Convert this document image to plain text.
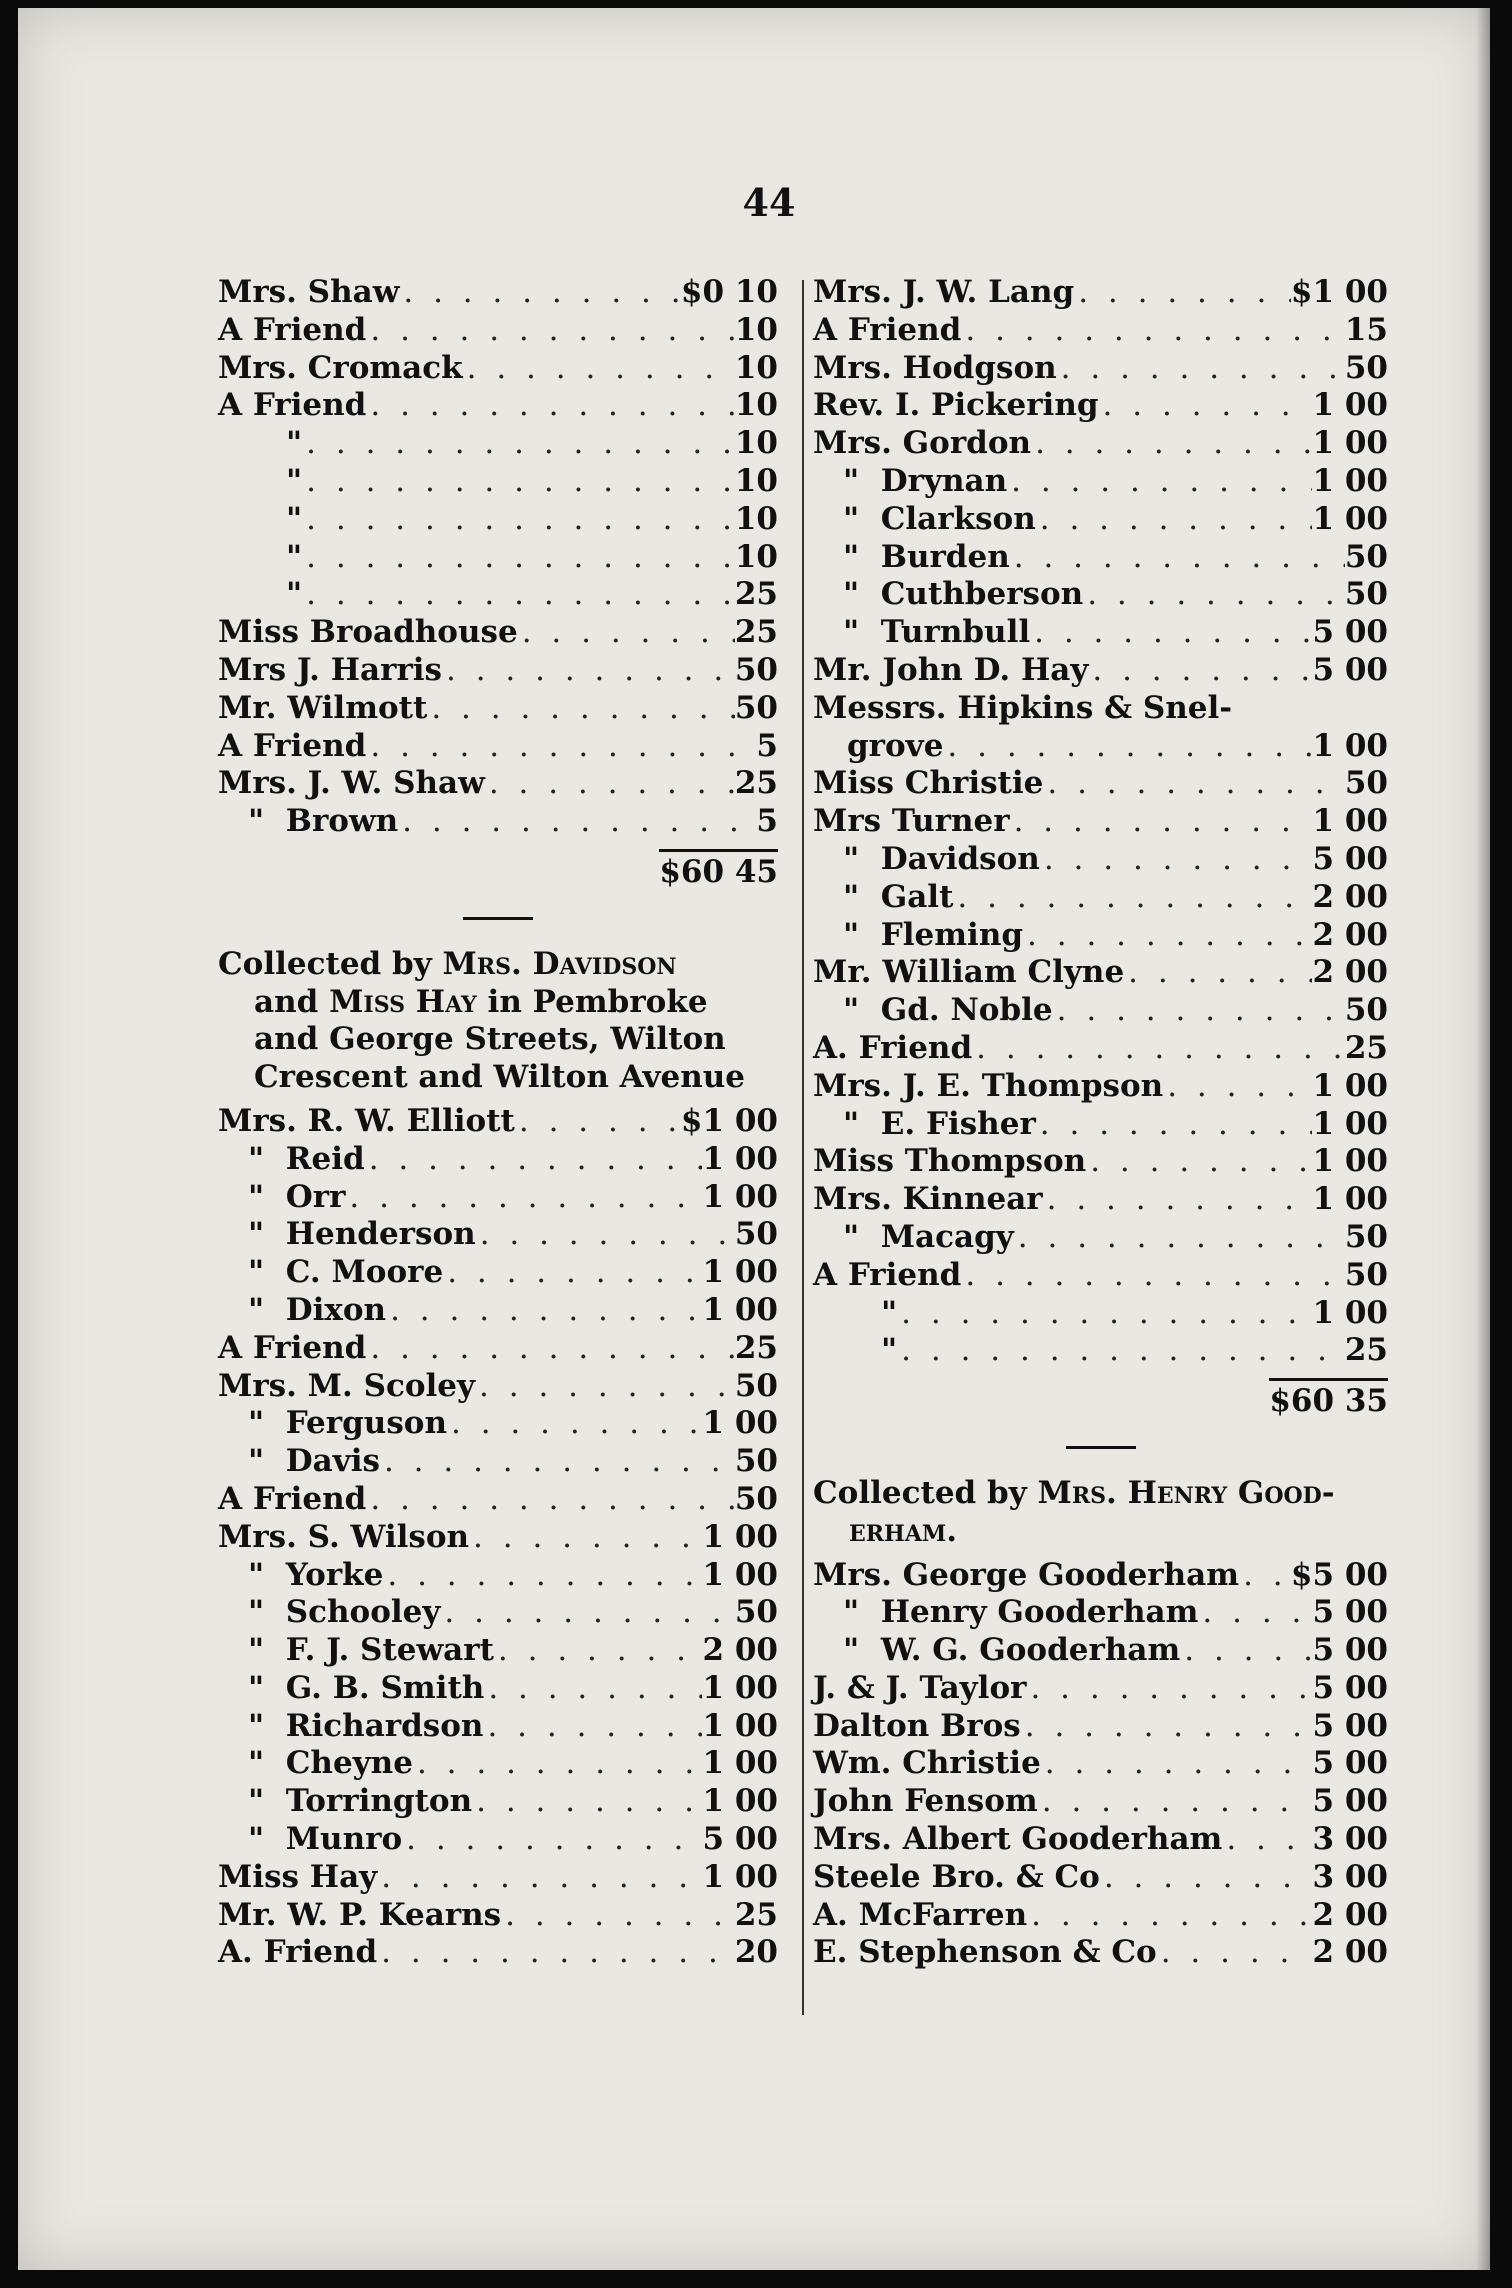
44
Mrs. Shaw . . .	$0 10
A Friend . . .	10
Mrs. Cromack . . .	10
A Friend . . .	10
" . . .	10
" . . .	10
" . . .	10
" . . .	10
" . . .	25
Miss Broadhouse . . .	25
Mrs J. Harris . . .	50
Mr. Wilmott . . .	50
A Friend . . .	5
Mrs. J. W. Shaw . . .	25
"  Brown . . .	5
$60 45
Collected by Mrs. Davidson
and Miss Hay in Pembroke
and George Streets, Wilton
Crescent and Wilton Avenue
Mrs. R. W. Elliott . . .	$1 00
"  Reid . . .	1 00
"  Orr . . .	1 00
"  Henderson . . .	50
"  C. Moore . . .	1 00
"  Dixon . . .	1 00
A Friend . . .	25
Mrs. M. Scoley . . .	50
"  Ferguson . . .	1 00
"  Davis . . .	50
A Friend . . .	50
Mrs. S. Wilson . . .	1 00
"  Yorke . . .	1 00
"  Schooley . . .	50
"  F. J. Stewart . . .	2 00
"  G. B. Smith . . .	1 00
"  Richardson . . .	1 00
"  Cheyne . . .	1 00
"  Torrington . . .	1 00
"  Munro . . .	5 00
Miss Hay . . .	1 00
Mr. W. P. Kearns . . .	25
A. Friend . . .	20
Mrs. J. W. Lang . . .	$1 00
A Friend . . .	15
Mrs. Hodgson . . .	50
Rev. I. Pickering . . .	1 00
Mrs. Gordon . . .	1 00
"  Drynan . . .	1 00
"  Clarkson . . .	1 00
"  Burden . . .	50
"  Cuthberson . . .	50
"  Turnbull . . .	5 00
Mr. John D. Hay . . .	5 00
Messrs. Hipkins & Snel-
grove . . .	1 00
Miss Christie . . .	50
Mrs Turner . . .	1 00
"  Davidson . . .	5 00
"  Galt . . .	2 00
"  Fleming . . .	2 00
Mr. William Clyne . . .	2 00
"  Gd. Noble . . .	50
A. Friend . . .	25
Mrs. J. E. Thompson . . .	1 00
"  E. Fisher . . .	1 00
Miss Thompson . . .	1 00
Mrs. Kinnear . . .	1 00
"  Macagy . . .	50
A Friend . . .	50
" . . .	1 00
" . . .	25
$60 35
Collected by Mrs. Henry Good-
erham.
Mrs. George Gooderham . . . $5 00
"  Henry Gooderham . . .	5 00
"  W. G. Gooderham . . .	5 00
J. & J. Taylor . . .	5 00
Dalton Bros . . .	5 00
Wm. Christie . . .	5 00
John Fensom . . .	5 00
Mrs. Albert Gooderham . . .	3 00
Steele Bro. & Co . . .	3 00
A. McFarren . . .	2 00
E. Stephenson & Co . . .	2 00
